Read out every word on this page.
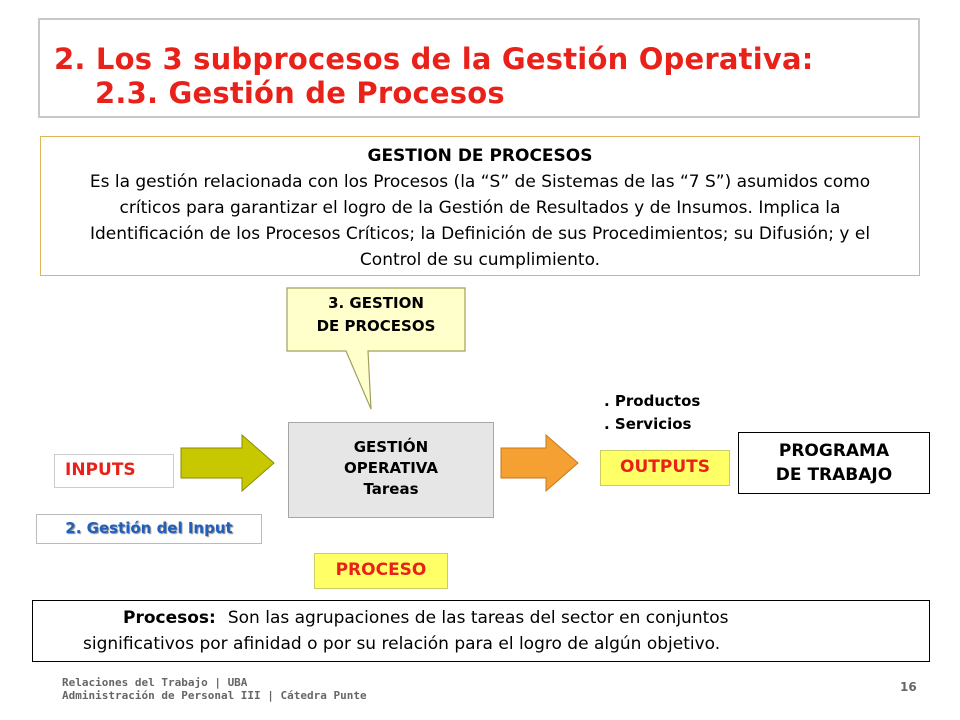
2. Los 3 subprocesos de la Gestión Operativa:
2.3. Gestión de Procesos
GESTION DE PROCESOS
Es la gestión relacionada con los Procesos (la “S” de Sistemas de las “7 S”) asumidos como críticos para garantizar el logro de la Gestión de Resultados y de Insumos. Implica la Identificación de los Procesos Críticos; la Definición de sus Procedimientos; su Difusión; y el Control de su cumplimiento.
3. GESTION
DE PROCESOS
. Productos
. Servicios
INPUTS
GESTIÓN
OPERATIVA
Tareas
OUTPUTS
PROGRAMA
DE TRABAJO
2. Gestión del Input
PROCESO
Procesos: Son las agrupaciones de las tareas del sector en conjuntos
significativos por afinidad o por su relación para el logro de algún objetivo.
Relaciones del Trabajo | UBA
Administración de Personal III | Cátedra Punte
16
